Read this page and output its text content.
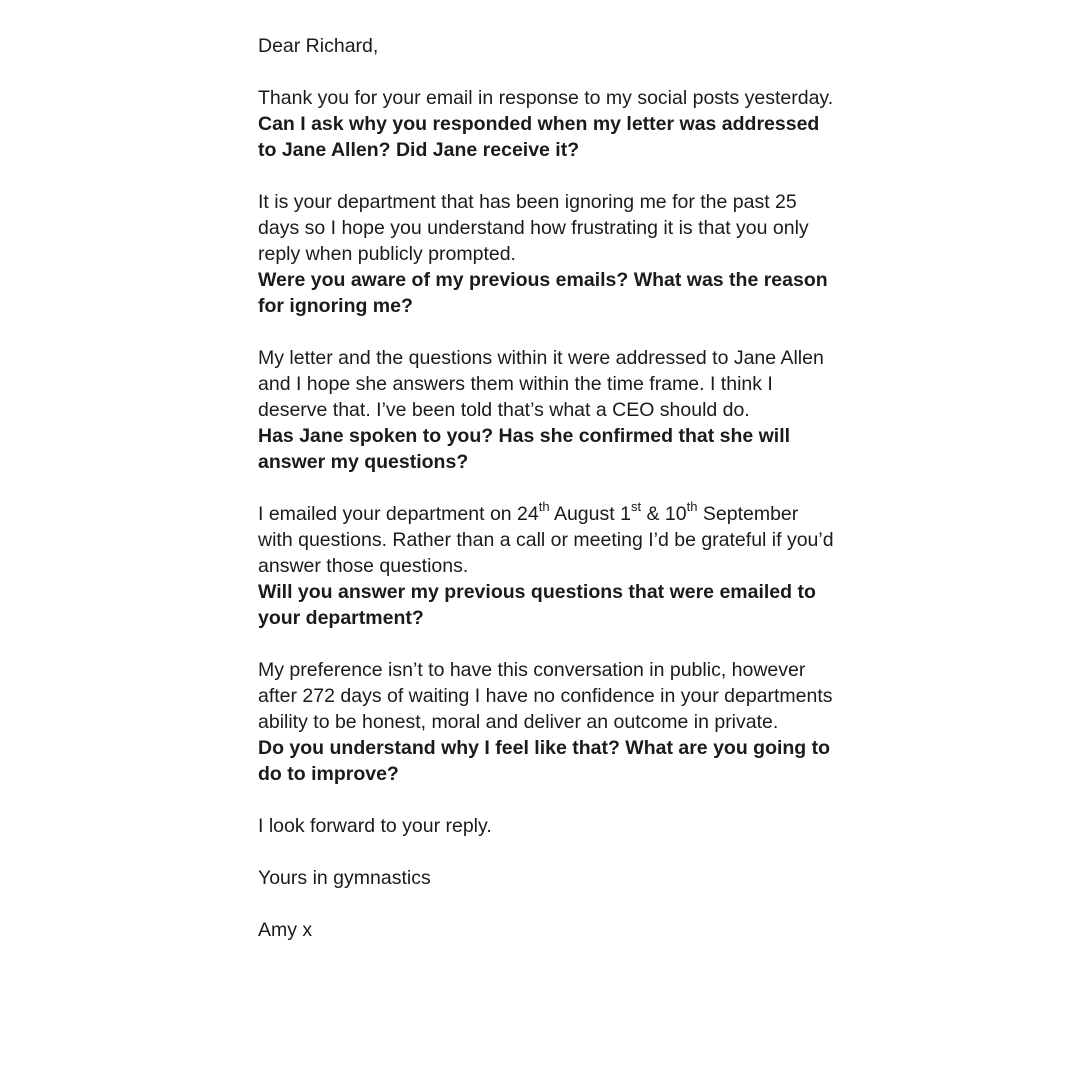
Dear Richard,

Thank you for your email in response to my social posts yesterday.

Can I ask why you responded when my letter was addressed to Jane Allen? Did Jane receive it?

It is your department that has been ignoring me for the past 25 days so I hope you understand how frustrating it is that you only reply when publicly prompted.

Were you aware of my previous emails? What was the reason for ignoring me?

My letter and the questions within it were addressed to Jane Allen and I hope she answers them within the time frame. I think I deserve that. I’ve been told that’s what a CEO should do.

Has Jane spoken to you? Has she confirmed that she will answer my questions?

I emailed your department on 24th August 1st & 10th September with questions. Rather than a call or meeting I’d be grateful if you’d answer those questions.

Will you answer my previous questions that were emailed to your department?

My preference isn’t to have this conversation in public, however after 272 days of waiting I have no confidence in your departments ability to be honest, moral and deliver an outcome in private.

Do you understand why I feel like that? What are you going to do to improve?

I look forward to your reply.

Yours in gymnastics

Amy x
